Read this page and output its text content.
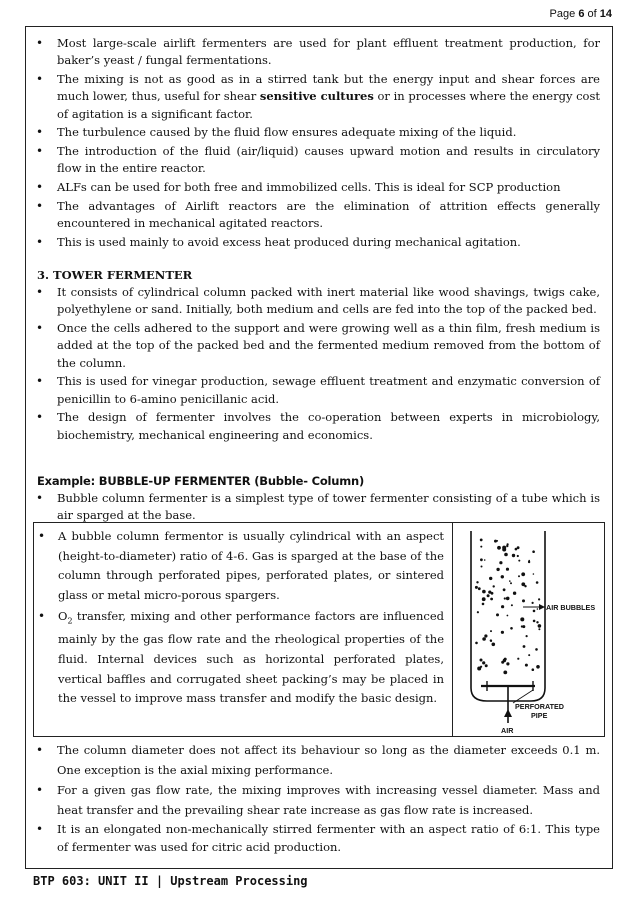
Page 6 of 14
• Most large-scale airlift fermenters are used for plant effluent treatment production, for baker’s yeast / fungal fermentations.
• The mixing is not as good as in a stirred tank but the energy input and shear forces are much lower, thus, useful for shear sensitive cultures or in processes where the energy cost of agitation is a significant factor.
• The turbulence caused by the fluid flow ensures adequate mixing of the liquid.
• The introduction of the fluid (air/liquid) causes upward motion and results in circulatory flow in the entire reactor.
• ALFs can be used for both free and immobilized cells. This is ideal for SCP production
• The advantages of Airlift reactors are the elimination of attrition effects generally encountered in mechanical agitated reactors.
• This is used mainly to avoid excess heat produced during mechanical agitation.
3. TOWER FERMENTER
• It consists of cylindrical column packed with inert material like wood shavings, twigs cake, polyethylene or sand. Initially, both medium and cells are fed into the top of the packed bed.
• Once the cells adhered to the support and were growing well as a thin film, fresh medium is added at the top of the packed bed and the fermented medium removed from the bottom of the column.
• This is used for vinegar production, sewage effluent treatment and enzymatic conversion of penicillin to 6-amino penicillanic acid.
• The design of fermenter involves the co-operation between experts in microbiology, biochemistry, mechanical engineering and economics.
Example: BUBBLE-UP FERMENTER (Bubble- Column)
• Bubble column fermenter is a simplest type of tower fermenter consisting of a tube which is air sparged at the base.
• A bubble column fermentor is usually cylindrical with an aspect (height-to-diameter) ratio of 4-6. Gas is sparged at the base of the column through perforated pipes, perforated plates, or sintered glass or metal micro-porous spargers.
• $O_2$ transfer, mixing and other performance factors are influenced mainly by the gas flow rate and the rheological properties of the fluid. Internal devices such as horizontal perforated plates, vertical baffles and corrugated sheet packing’s may be placed in the vessel to improve mass transfer and modify the basic design.
AIR BUBBLES
PERFORATED
PIPE
AIR
• The column diameter does not affect its behaviour so long as the diameter exceeds 0.1 m. One exception is the axial mixing performance.
• For a given gas flow rate, the mixing improves with increasing vessel diameter. Mass and heat transfer and the prevailing shear rate increase as gas flow rate is increased.
• It is an elongated non-mechanically stirred fermenter with an aspect ratio of 6:1. This type of fermenter was used for citric acid production.
BTP 603: UNIT II | Upstream Processing
